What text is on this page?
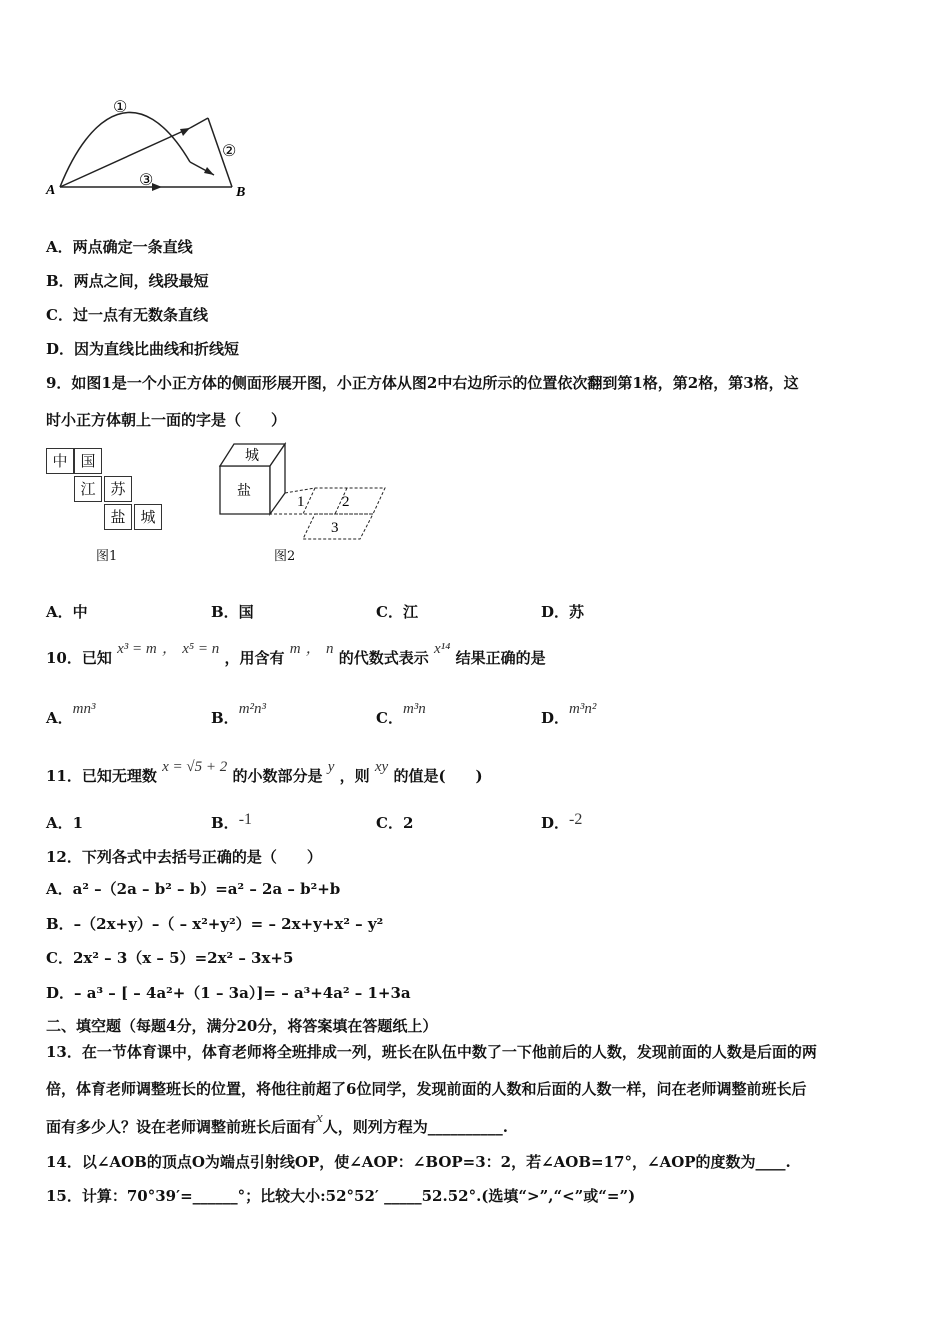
A	B
①
②
③
A．两点确定一条直线
B．两点之间，线段最短
C．过一点有无数条直线
D．因为直线比曲线和折线短
9．如图1是一个小正方体的侧面形展开图，小正方体从图2中右边所示的位置依次翻到第1格，第2格，第3格，这
时小正方体朝上一面的字是（　　）
中 国
江 苏
盐 城
图1
城
盐
1	2
3
图2
A．中	B．国	C．江	D．苏
10．已知 x³ = m ， x⁵ = n ，用含有 m ， n 的代数式表示 x¹⁴ 结果正确的是
A．mn³	B．m²n³	C．m³n	D．m³n²
11．已知无理数 x = √5 + 2 的小数部分是 y ，则 xy 的值是(　　)
A．1	B．-1	C．2	D．-2
12．下列各式中去括号正确的是（　　）
A．a² –（2a – b² – b）=a² – 2a – b²+b
B．–（2x+y）–（ – x²+y²）= – 2x+y+x² – y²
C．2x² – 3（x – 5）=2x² – 3x+5
D．– a³ – [ – 4a²+（1 – 3a）]= – a³+4a² – 1+3a
二、填空题（每题4分，满分20分，将答案填在答题纸上）
13．在一节体育课中，体育老师将全班排成一列，班长在队伍中数了一下他前后的人数，发现前面的人数是后面的两
倍，体育老师调整班长的位置，将他往前超了6位同学，发现前面的人数和后面的人数一样，问在老师调整前班长后
面有多少人？设在老师调整前班长后面有x人，则列方程为__________.
14．以∠AOB的顶点O为端点引射线OP，使∠AOP：∠BOP=3：2，若∠AOB=17°，∠AOP的度数为____.
15．计算：70°39′=______°；比较大小:52°52′ _____52.52°.(选填“>”,“<”或“=”)
